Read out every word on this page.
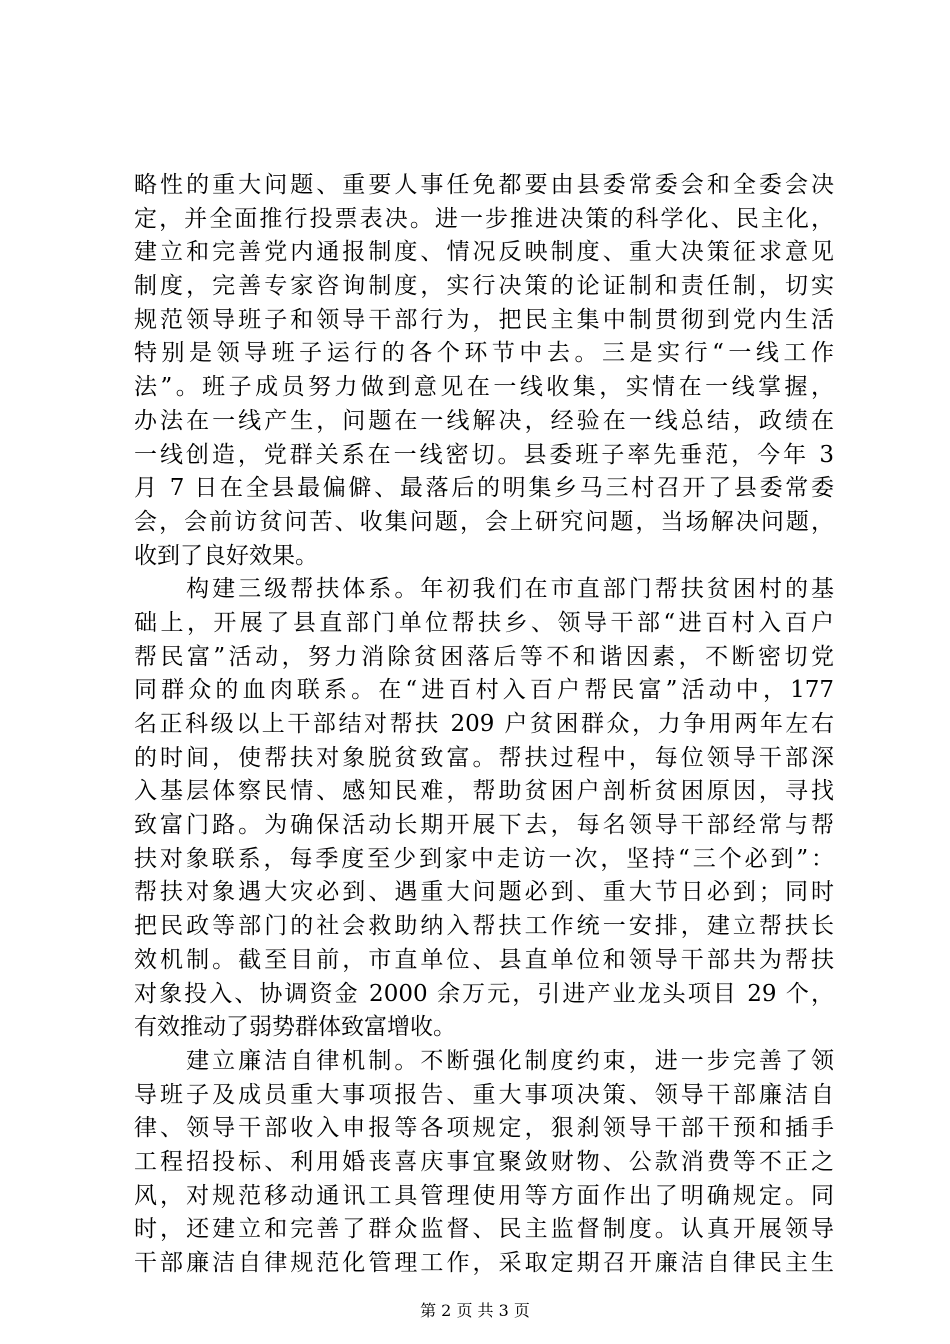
略性的重大问题、重要人事任免都要由县委常委会和全委会决
定，并全面推行投票表决。进一步推进决策的科学化、民主化，
建立和完善党内通报制度、情况反映制度、重大决策征求意见
制度，完善专家咨询制度，实行决策的论证制和责任制，切实
规范领导班子和领导干部行为，把民主集中制贯彻到党内生活
特别是领导班子运行的各个环节中去。三是实行“一线工作
法”。班子成员努力做到意见在一线收集，实情在一线掌握，
办法在一线产生，问题在一线解决，经验在一线总结，政绩在
一线创造，党群关系在一线密切。县委班子率先垂范，今年 3
月 7 日在全县最偏僻、最落后的明集乡马三村召开了县委常委
会，会前访贫问苦、收集问题，会上研究问题，当场解决问题，
收到了良好效果。
　　构建三级帮扶体系。年初我们在市直部门帮扶贫困村的基
础上，开展了县直部门单位帮扶乡、领导干部“进百村入百户
帮民富”活动，努力消除贫困落后等不和谐因素，不断密切党
同群众的血肉联系。在“进百村入百户帮民富”活动中，177
名正科级以上干部结对帮扶 209 户贫困群众，力争用两年左右
的时间，使帮扶对象脱贫致富。帮扶过程中，每位领导干部深
入基层体察民情、感知民难，帮助贫困户剖析贫困原因，寻找
致富门路。为确保活动长期开展下去，每名领导干部经常与帮
扶对象联系，每季度至少到家中走访一次，坚持“三个必到”：
帮扶对象遇大灾必到、遇重大问题必到、重大节日必到；同时
把民政等部门的社会救助纳入帮扶工作统一安排，建立帮扶长
效机制。截至目前，市直单位、县直单位和领导干部共为帮扶
对象投入、协调资金 2000 余万元，引进产业龙头项目 29 个，
有效推动了弱势群体致富增收。
　　建立廉洁自律机制。不断强化制度约束，进一步完善了领
导班子及成员重大事项报告、重大事项决策、领导干部廉洁自
律、领导干部收入申报等各项规定，狠刹领导干部干预和插手
工程招投标、利用婚丧喜庆事宜聚敛财物、公款消费等不正之
风，对规范移动通讯工具管理使用等方面作出了明确规定。同
时，还建立和完善了群众监督、民主监督制度。认真开展领导
干部廉洁自律规范化管理工作，采取定期召开廉洁自律民主生
第 2 页 共 3 页
